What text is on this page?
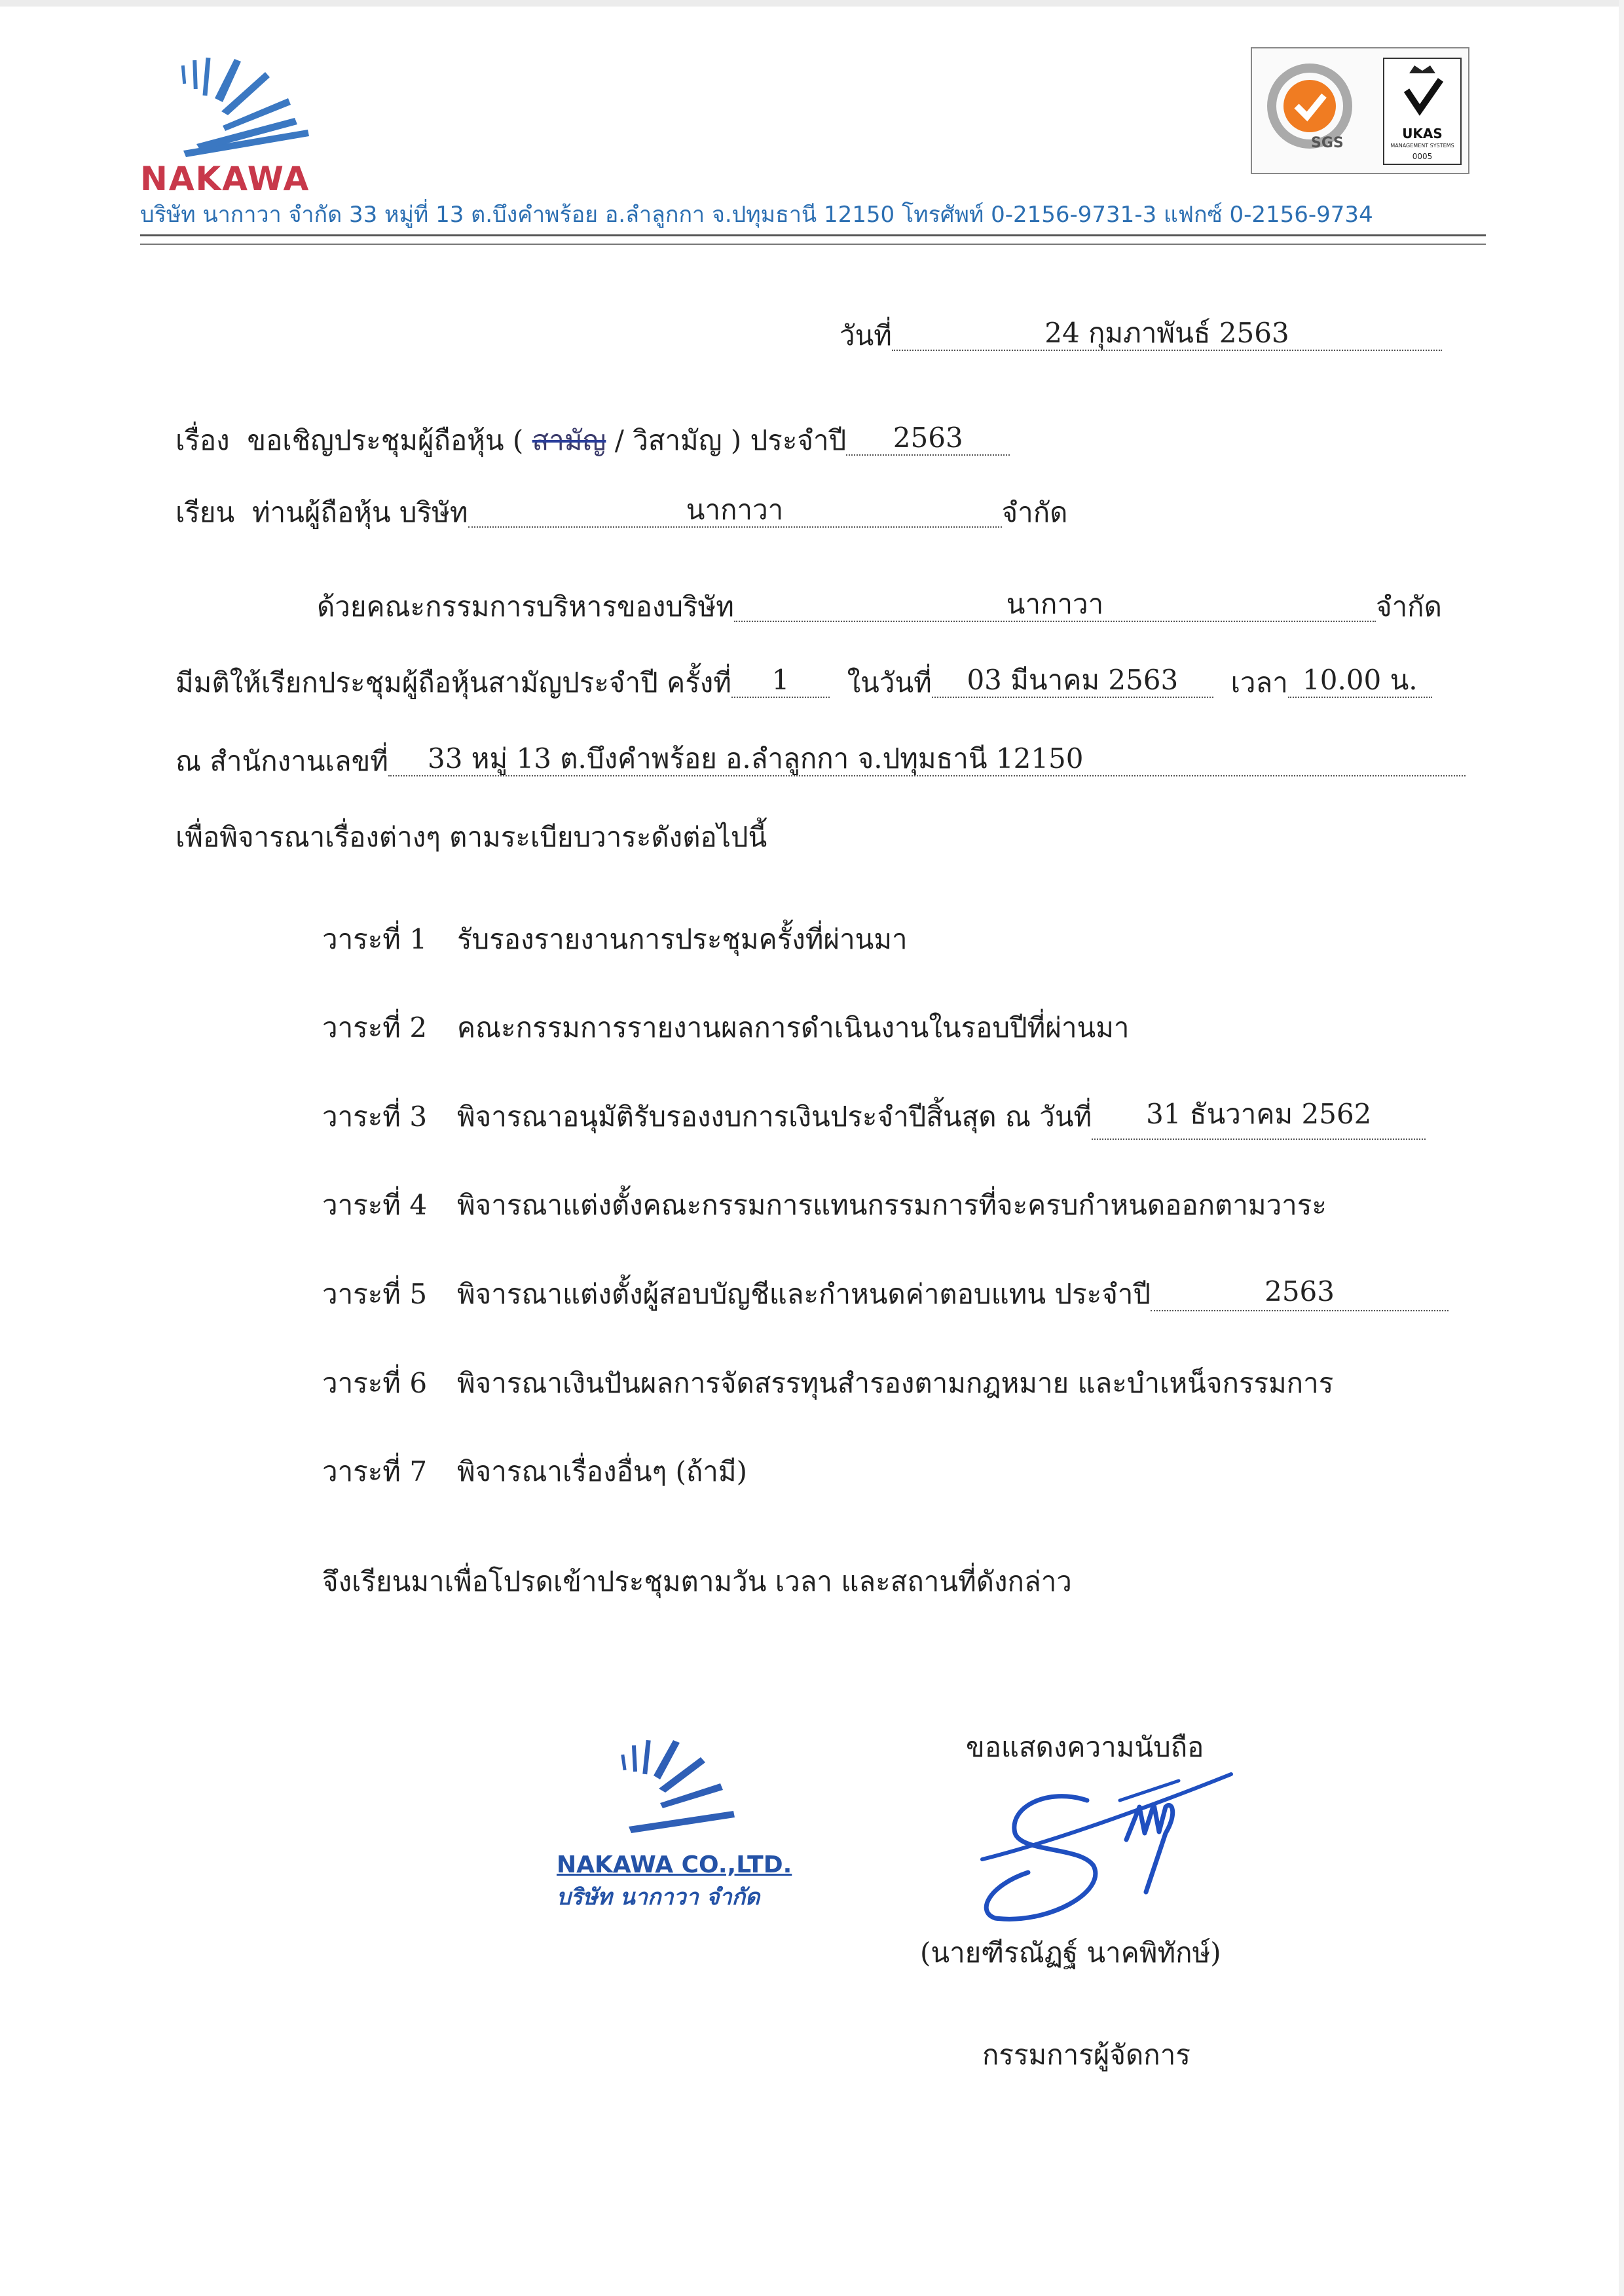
NAKAWA
บริษัท นากาวา จำกัด 33 หมู่ที่ 13 ต.บึงคำพร้อย อ.ลำลูกกา จ.ปทุมธานี 12150 โทรศัพท์ 0-2156-9731-3 แฟกซ์ 0-2156-9734
SGS
UKAS
MANAGEMENT SYSTEMS
0005
วันที่	24 กุมภาพันธ์ 2563
เรื่อง ขอเชิญประชุมผู้ถือหุ้น ( สามัญ / วิสามัญ ) ประจำปี 2563
เรียน ท่านผู้ถือหุ้น บริษัท	นากาวา	จำกัด
ด้วยคณะกรรมการบริหารของบริษัท	นากาวา	จำกัด
มีมติให้เรียกประชุมผู้ถือหุ้นสามัญประจำปี ครั้งที่ 1 ในวันที่ 03 มีนาคม 2563 เวลา 10.00 น.
ณ สำนักงานเลขที่ 33 หมู่ 13 ต.บึงคำพร้อย อ.ลำลูกกา จ.ปทุมธานี 12150
เพื่อพิจารณาเรื่องต่างๆ ตามระเบียบวาระดังต่อไปนี้
วาระที่ 1 รับรองรายงานการประชุมครั้งที่ผ่านมา
วาระที่ 2 คณะกรรมการรายงานผลการดำเนินงานในรอบปีที่ผ่านมา
วาระที่ 3 พิจารณาอนุมัติรับรองงบการเงินประจำปีสิ้นสุด ณ วันที่ 31 ธันวาคม 2562
วาระที่ 4 พิจารณาแต่งตั้งคณะกรรมการแทนกรรมการที่จะครบกำหนดออกตามวาระ
วาระที่ 5 พิจารณาแต่งตั้งผู้สอบบัญชีและกำหนดค่าตอบแทน ประจำปี	2563
วาระที่ 6 พิจารณาเงินปันผลการจัดสรรทุนสำรองตามกฎหมาย และบำเหน็จกรรมการ
วาระที่ 7 พิจารณาเรื่องอื่นๆ (ถ้ามี)
จึงเรียนมาเพื่อโปรดเข้าประชุมตามวัน เวลา และสถานที่ดังกล่าว
ขอแสดงความนับถือ
NAKAWA CO.,LTD.
บริษัท นากาวา จำกัด
(นายฑีรณัฏฐ์ นาคพิทักษ์)
กรรมการผู้จัดการ
